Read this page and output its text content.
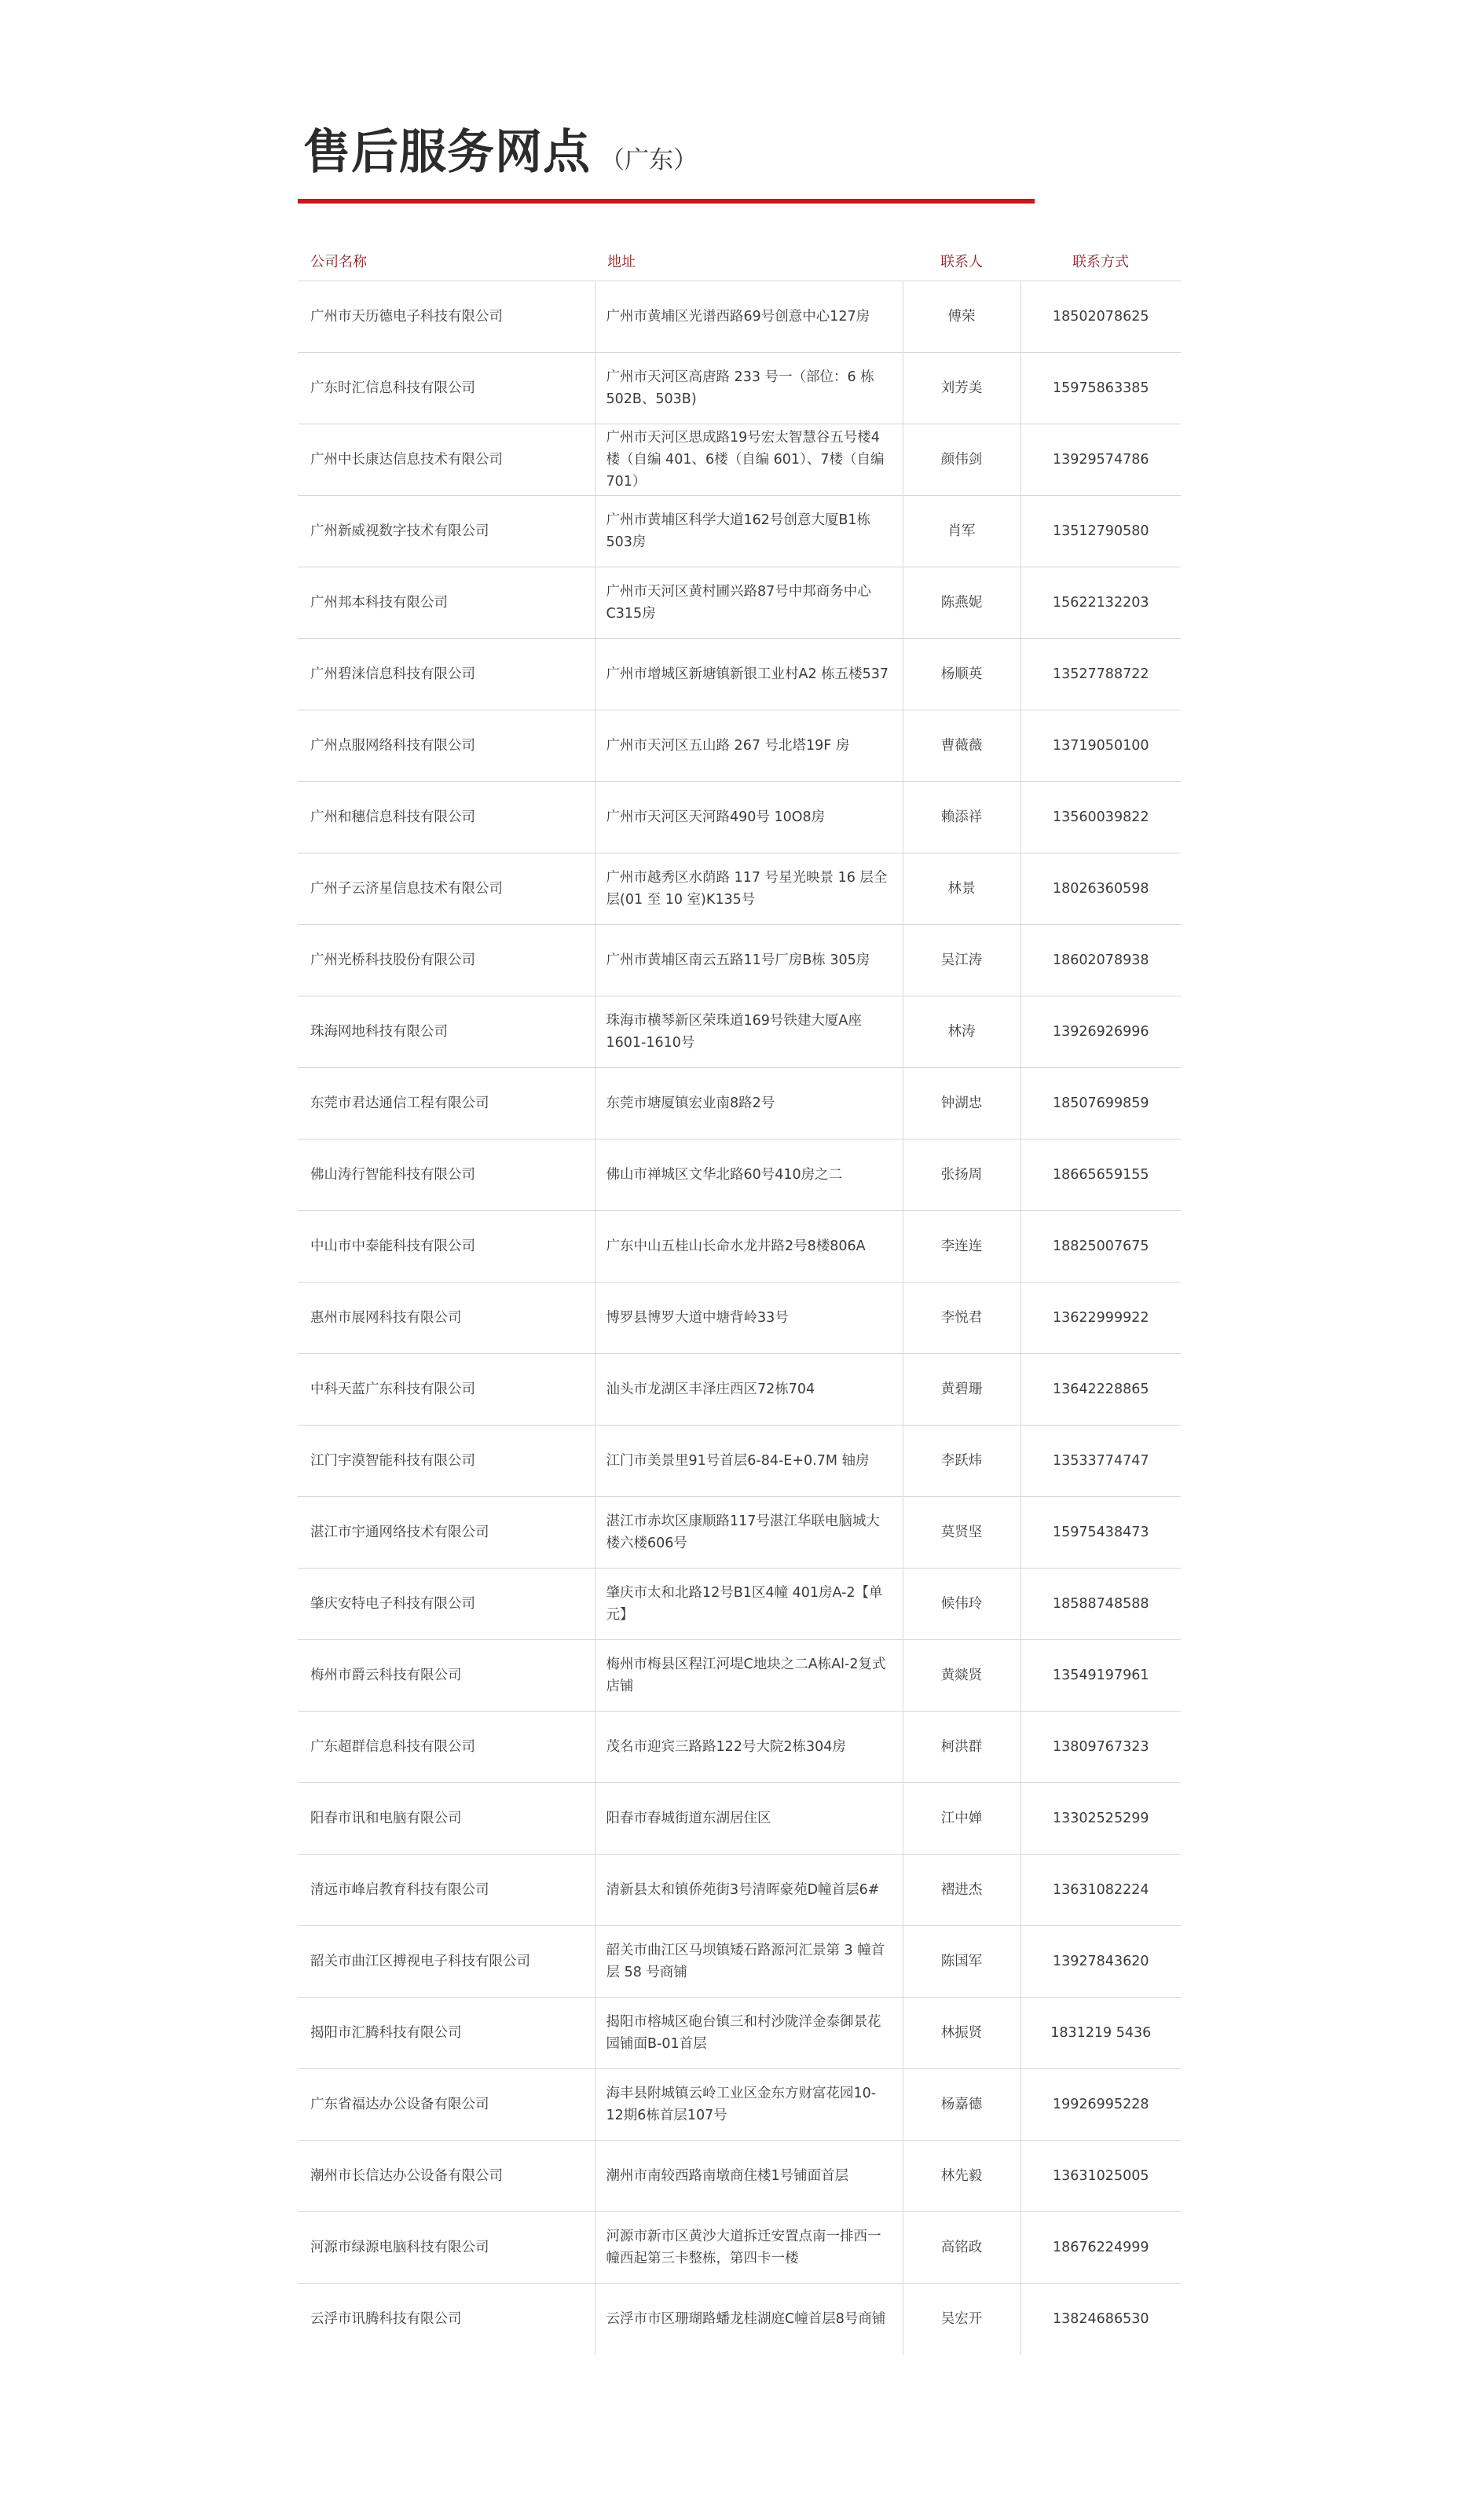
售后服务网点 （广东）
公司名称	地址	联系人	联系方式
广州市天历德电子科技有限公司	广州市黄埔区光谱西路69号创意中心127房	傅荣	18502078625
广东时汇信息科技有限公司	广州市天河区高唐路 233 号一（部位：6 栋 502B、503B)	刘芳美	15975863385
广州中长康达信息技术有限公司	广州市天河区思成路19号宏太智慧谷五号楼4楼（自编 401、6楼（自编 601）、7楼（自编 701）	颜伟剑	13929574786
广州新威视数字技术有限公司	广州市黄埔区科学大道162号创意大厦B1栋503房	肖军	13512790580
广州邦本科技有限公司	广州市天河区黄村圃兴路87号中邦商务中心C315房	陈燕妮	15622132203
广州碧涞信息科技有限公司	广州市增城区新塘镇新银工业村A2 栋五楼537	杨顺英	13527788722
广州点服网络科技有限公司	广州市天河区五山路 267 号北塔19F 房	曹薇薇	13719050100
广州和穗信息科技有限公司	广州市天河区天河路490号 10O8房	赖添祥	13560039822
广州子云济星信息技术有限公司	广州市越秀区水荫路 117 号星光映景 16 层全层(01 至 10 室)K135号	林景	18026360598
广州光桥科技股份有限公司	广州市黄埔区南云五路11号厂房B栋 305房	吴江涛	18602078938
珠海网地科技有限公司	珠海市横琴新区荣珠道169号铁建大厦A座1601-1610号	林涛	13926926996
东莞市君达通信工程有限公司	东莞市塘厦镇宏业南8路2号	钟湖忠	18507699859
佛山涛行智能科技有限公司	佛山市禅城区文华北路60号410房之二	张扬周	18665659155
中山市中泰能科技有限公司	广东中山五桂山长命水龙井路2号8楼806A	李连连	18825007675
惠州市展网科技有限公司	博罗县博罗大道中塘背岭33号	李悦君	13622999922
中科天蓝广东科技有限公司	汕头市龙湖区丰泽庄西区72栋704	黄碧珊	13642228865
江门宇漠智能科技有限公司	江门市美景里91号首层6-84-E+0.7M 轴房	李跃炜	13533774747
湛江市宇通网络技术有限公司	湛江市赤坎区康顺路117号湛江华联电脑城大楼六楼606号	莫贤坚	15975438473
肇庆安特电子科技有限公司	肇庆市太和北路12号B1区4幢 401房A-2【单元】	候伟玲	18588748588
梅州市爵云科技有限公司	梅州市梅县区程江河堤C地块之二A栋Al-2复式店铺	黄燚贤	13549197961
广东超群信息科技有限公司	茂名市迎宾三路路122号大院2栋304房	柯洪群	13809767323
阳春市讯和电脑有限公司	阳春市春城街道东湖居住区	江中婵	13302525299
清远市峰启教育科技有限公司	清新县太和镇侨苑街3号清晖豪苑D幢首层6#	褶进杰	13631082224
韶关市曲江区搏视电子科技有限公司	韶关市曲江区马坝镇矮石路源河汇景第 3 幢首层 58 号商铺	陈国军	13927843620
揭阳市汇腾科技有限公司	揭阳市榕城区砲台镇三和村沙陇洋金泰御景花园铺面B-01首层	林振贤	1831219 5436
广东省福达办公设备有限公司	海丰县附城镇云岭工业区金东方财富花园10-12期6栋首层107号	杨嘉德	19926995228
潮州市长信达办公设备有限公司	潮州市南较西路南墩商住楼1号铺面首层	林先毅	13631025005
河源市绿源电脑科技有限公司	河源市新市区黄沙大道拆迁安置点南一排西一幢西起第三卡整栋，第四卡一楼	高铭政	18676224999
云浮市讯腾科技有限公司	云浮市市区珊瑚路蟠龙桂湖庭C幢首层8号商铺	吴宏开	13824686530
